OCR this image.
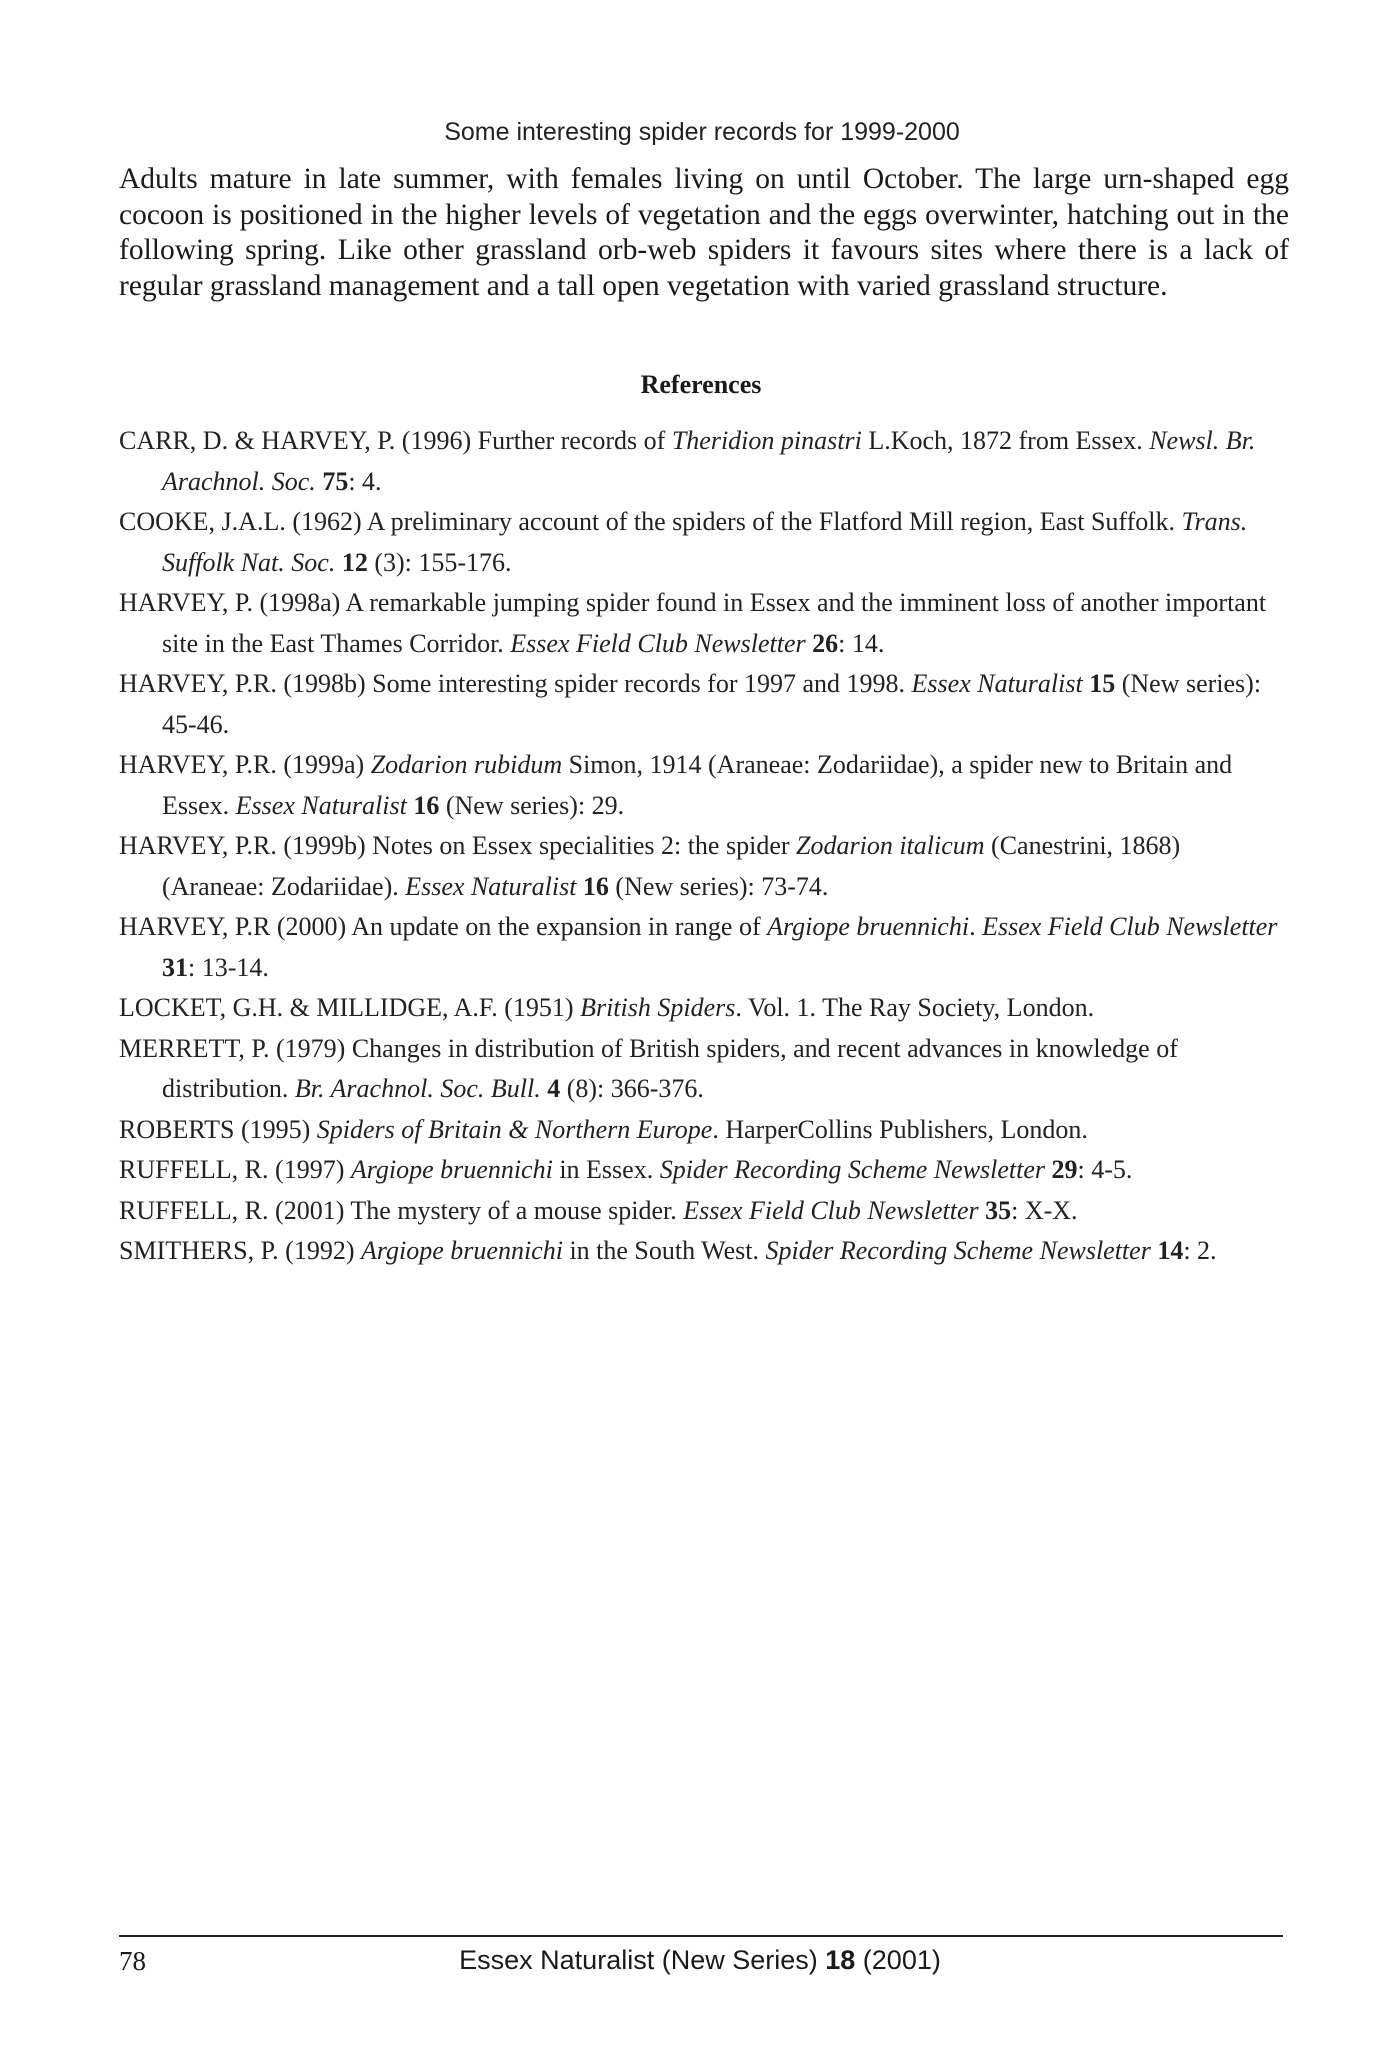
Some interesting spider records for 1999-2000

Adults mature in late summer, with females living on until October. The large urn-shaped egg cocoon is positioned in the higher levels of vegetation and the eggs overwinter, hatching out in the following spring. Like other grassland orb-web spiders it favours sites where there is a lack of regular grassland management and a tall open vegetation with varied grassland structure.

References
CARR, D. & HARVEY, P. (1996) Further records of Theridion pinastri L.Koch, 1872 from Essex. Newsl. Br. Arachnol. Soc. 75: 4.
COOKE, J.A.L. (1962) A preliminary account of the spiders of the Flatford Mill region, East Suffolk. Trans. Suffolk Nat. Soc. 12 (3): 155-176.
HARVEY, P. (1998a) A remarkable jumping spider found in Essex and the imminent loss of another important site in the East Thames Corridor. Essex Field Club Newsletter 26: 14.
HARVEY, P.R. (1998b) Some interesting spider records for 1997 and 1998. Essex Naturalist 15 (New series): 45-46.
HARVEY, P.R. (1999a) Zodarion rubidum Simon, 1914 (Araneae: Zodariidae), a spider new to Britain and Essex. Essex Naturalist 16 (New series): 29.
HARVEY, P.R. (1999b) Notes on Essex specialities 2: the spider Zodarion italicum (Canestrini, 1868) (Araneae: Zodariidae). Essex Naturalist 16 (New series): 73-74.
HARVEY, P.R (2000) An update on the expansion in range of Argiope bruennichi. Essex Field Club Newsletter 31: 13-14.
LOCKET, G.H. & MILLIDGE, A.F. (1951) British Spiders. Vol. 1. The Ray Society, London.
MERRETT, P. (1979) Changes in distribution of British spiders, and recent advances in knowledge of distribution. Br. Arachnol. Soc. Bull. 4 (8): 366-376.
ROBERTS (1995) Spiders of Britain & Northern Europe. HarperCollins Publishers, London.
RUFFELL, R. (1997) Argiope bruennichi in Essex. Spider Recording Scheme Newsletter 29: 4-5.
RUFFELL, R. (2001) The mystery of a mouse spider. Essex Field Club Newsletter 35: X-X.
SMITHERS, P. (1992) Argiope bruennichi in the South West. Spider Recording Scheme Newsletter 14: 2.
78	Essex Naturalist (New Series) 18 (2001)
